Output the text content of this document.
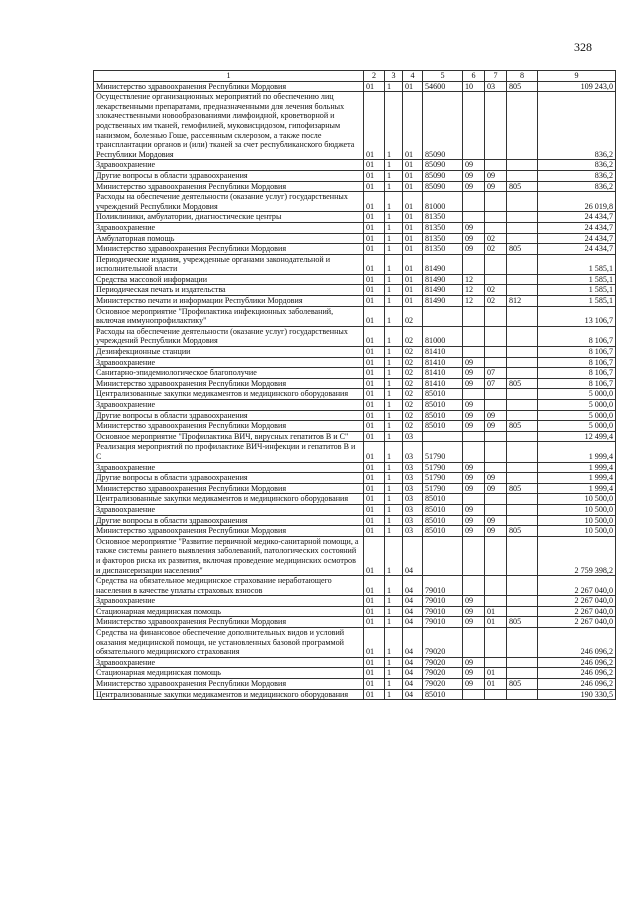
328
1	2	3	4	5	6	7	8	9
Министерство здравоохранения Республики Мордовия	01	1	01	54600	10	03	805	109 243,0
Осуществление организационных мероприятий по обеспечению лиц лекарственными препаратами, предназначенными для лечения больных злокачественными новообразованиями лимфоидной, кроветворной и родственных им тканей, гемофилией, муковисцидозом, гипофизарным нанизмом, болезнью Гоше, рассеянным склерозом, а также после трансплантации органов и (или) тканей за счет республиканского бюджета Республики Мордовия	01	1	01	85090				836,2
Здравоохранение	01	1	01	85090	09			836,2
Другие вопросы в области здравоохранения	01	1	01	85090	09	09		836,2
Министерство здравоохранения Республики Мордовия	01	1	01	85090	09	09	805	836,2
Расходы на обеспечение деятельности (оказание услуг) государственных учреждений Республики Мордовия	01	1	01	81000				26 019,8
Поликлиники, амбулатории, диагностические центры	01	1	01	81350				24 434,7
Здравоохранение	01	1	01	81350	09			24 434,7
Амбулаторная помощь	01	1	01	81350	09	02		24 434,7
Министерство здравоохранения Республики Мордовия	01	1	01	81350	09	02	805	24 434,7
Периодические издания, учрежденные органами законодательной и исполнительной власти	01	1	01	81490				1 585,1
Средства массовой информации	01	1	01	81490	12			1 585,1
Периодическая печать и издательства	01	1	01	81490	12	02		1 585,1
Министерство печати и информации Республики Мордовия	01	1	01	81490	12	02	812	1 585,1
Основное мероприятие "Профилактика инфекционных заболеваний, включая иммунопрофилактику"	01	1	02					13 106,7
Расходы на обеспечение деятельности (оказание услуг) государственных учреждений Республики Мордовия	01	1	02	81000				8 106,7
Дезинфекционные станции	01	1	02	81410				8 106,7
Здравоохранение	01	1	02	81410	09			8 106,7
Санитарно-эпидемиологическое благополучие	01	1	02	81410	09	07		8 106,7
Министерство здравоохранения Республики Мордовия	01	1	02	81410	09	07	805	8 106,7
Централизованные закупки медикаментов и медицинского оборудования	01	1	02	85010				5 000,0
Здравоохранение	01	1	02	85010	09			5 000,0
Другие вопросы в области здравоохранения	01	1	02	85010	09	09		5 000,0
Министерство здравоохранения Республики Мордовия	01	1	02	85010	09	09	805	5 000,0
Основное мероприятие "Профилактика ВИЧ, вирусных гепатитов В и С"	01	1	03					12 499,4
Реализация мероприятий по профилактике ВИЧ-инфекции и гепатитов В и С	01	1	03	51790				1 999,4
Здравоохранение	01	1	03	51790	09			1 999,4
Другие вопросы в области здравоохранения	01	1	03	51790	09	09		1 999,4
Министерство здравоохранения Республики Мордовия	01	1	03	51790	09	09	805	1 999,4
Централизованные закупки медикаментов и медицинского оборудования	01	1	03	85010				10 500,0
Здравоохранение	01	1	03	85010	09			10 500,0
Другие вопросы в области здравоохранения	01	1	03	85010	09	09		10 500,0
Министерство здравоохранения Республики Мордовия	01	1	03	85010	09	09	805	10 500,0
Основное мероприятие "Развитие первичной медико-санитарной помощи, а также системы раннего выявления заболеваний, патологических состояний и факторов риска их развития, включая проведение медицинских осмотров и диспансеризации населения"	01	1	04					2 759 398,2
Средства на обязательное медицинское страхование неработающего населения в качестве уплаты страховых взносов	01	1	04	79010				2 267 040,0
Здравоохранение	01	1	04	79010	09			2 267 040,0
Стационарная медицинская помощь	01	1	04	79010	09	01		2 267 040,0
Министерство здравоохранения Республики Мордовия	01	1	04	79010	09	01	805	2 267 040,0
Средства на финансовое обеспечение дополнительных видов и условий оказания медицинской помощи, не установленных базовой программой обязательного медицинского страхования	01	1	04	79020				246 096,2
Здравоохранение	01	1	04	79020	09			246 096,2
Стационарная медицинская помощь	01	1	04	79020	09	01		246 096,2
Министерство здравоохранения Республики Мордовия	01	1	04	79020	09	01	805	246 096,2
Централизованные закупки медикаментов и медицинского оборудования	01	1	04	85010				190 330,5
